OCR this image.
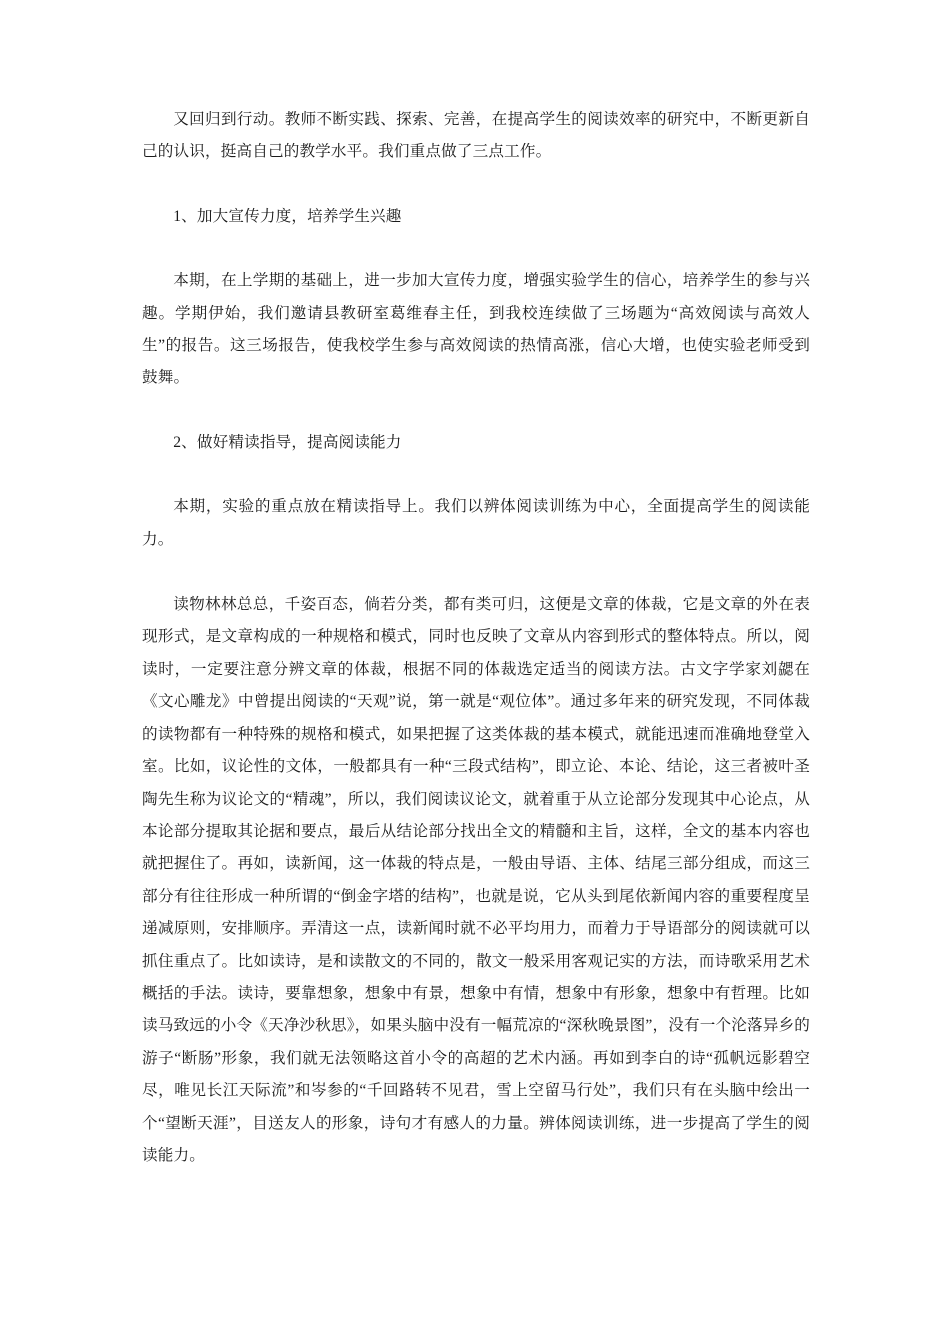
又回归到行动。教师不断实践、探索、完善，在提高学生的阅读效率的研究中，不断更新自己的认识，挺高自己的教学水平。我们重点做了三点工作。

1、加大宣传力度，培养学生兴趣

本期，在上学期的基础上，进一步加大宣传力度，增强实验学生的信心，培养学生的参与兴趣。学期伊始，我们邀请县教研室葛维春主任，到我校连续做了三场题为“高效阅读与高效人生”的报告。这三场报告，使我校学生参与高效阅读的热情高涨，信心大增，也使实验老师受到鼓舞。

2、做好精读指导，提高阅读能力

本期，实验的重点放在精读指导上。我们以辨体阅读训练为中心，全面提高学生的阅读能力。

读物林林总总，千姿百态，倘若分类，都有类可归，这便是文章的体裁，它是文章的外在表现形式，是文章构成的一种规格和模式，同时也反映了文章从内容到形式的整体特点。所以，阅读时，一定要注意分辨文章的体裁，根据不同的体裁选定适当的阅读方法。古文字学家刘勰在《文心雕龙》中曾提出阅读的“天观”说，第一就是“观位体”。通过多年来的研究发现，不同体裁的读物都有一种特殊的规格和模式，如果把握了这类体裁的基本模式，就能迅速而准确地登堂入室。比如，议论性的文体，一般都具有一种“三段式结构”，即立论、本论、结论，这三者被叶圣陶先生称为议论文的“精魂”，所以，我们阅读议论文，就着重于从立论部分发现其中心论点，从本论部分提取其论据和要点，最后从结论部分找出全文的精髓和主旨，这样，全文的基本内容也就把握住了。再如，读新闻，这一体裁的特点是，一般由导语、主体、结尾三部分组成，而这三部分有往往形成一种所谓的“倒金字塔的结构”，也就是说，它从头到尾依新闻内容的重要程度呈递减原则，安排顺序。弄清这一点，读新闻时就不必平均用力，而着力于导语部分的阅读就可以抓住重点了。比如读诗，是和读散文的不同的，散文一般采用客观记实的方法，而诗歌采用艺术概括的手法。读诗，要靠想象，想象中有景，想象中有情，想象中有形象，想象中有哲理。比如读马致远的小令《天净沙秋思》，如果头脑中没有一幅荒凉的“深秋晚景图”，没有一个沦落异乡的游子“断肠”形象，我们就无法领略这首小令的高超的艺术内涵。再如到李白的诗“孤帆远影碧空尽，唯见长江天际流”和岑参的“千回路转不见君，雪上空留马行处”，我们只有在头脑中绘出一个“望断天涯”，目送友人的形象，诗句才有感人的力量。辨体阅读训练，进一步提高了学生的阅读能力。
